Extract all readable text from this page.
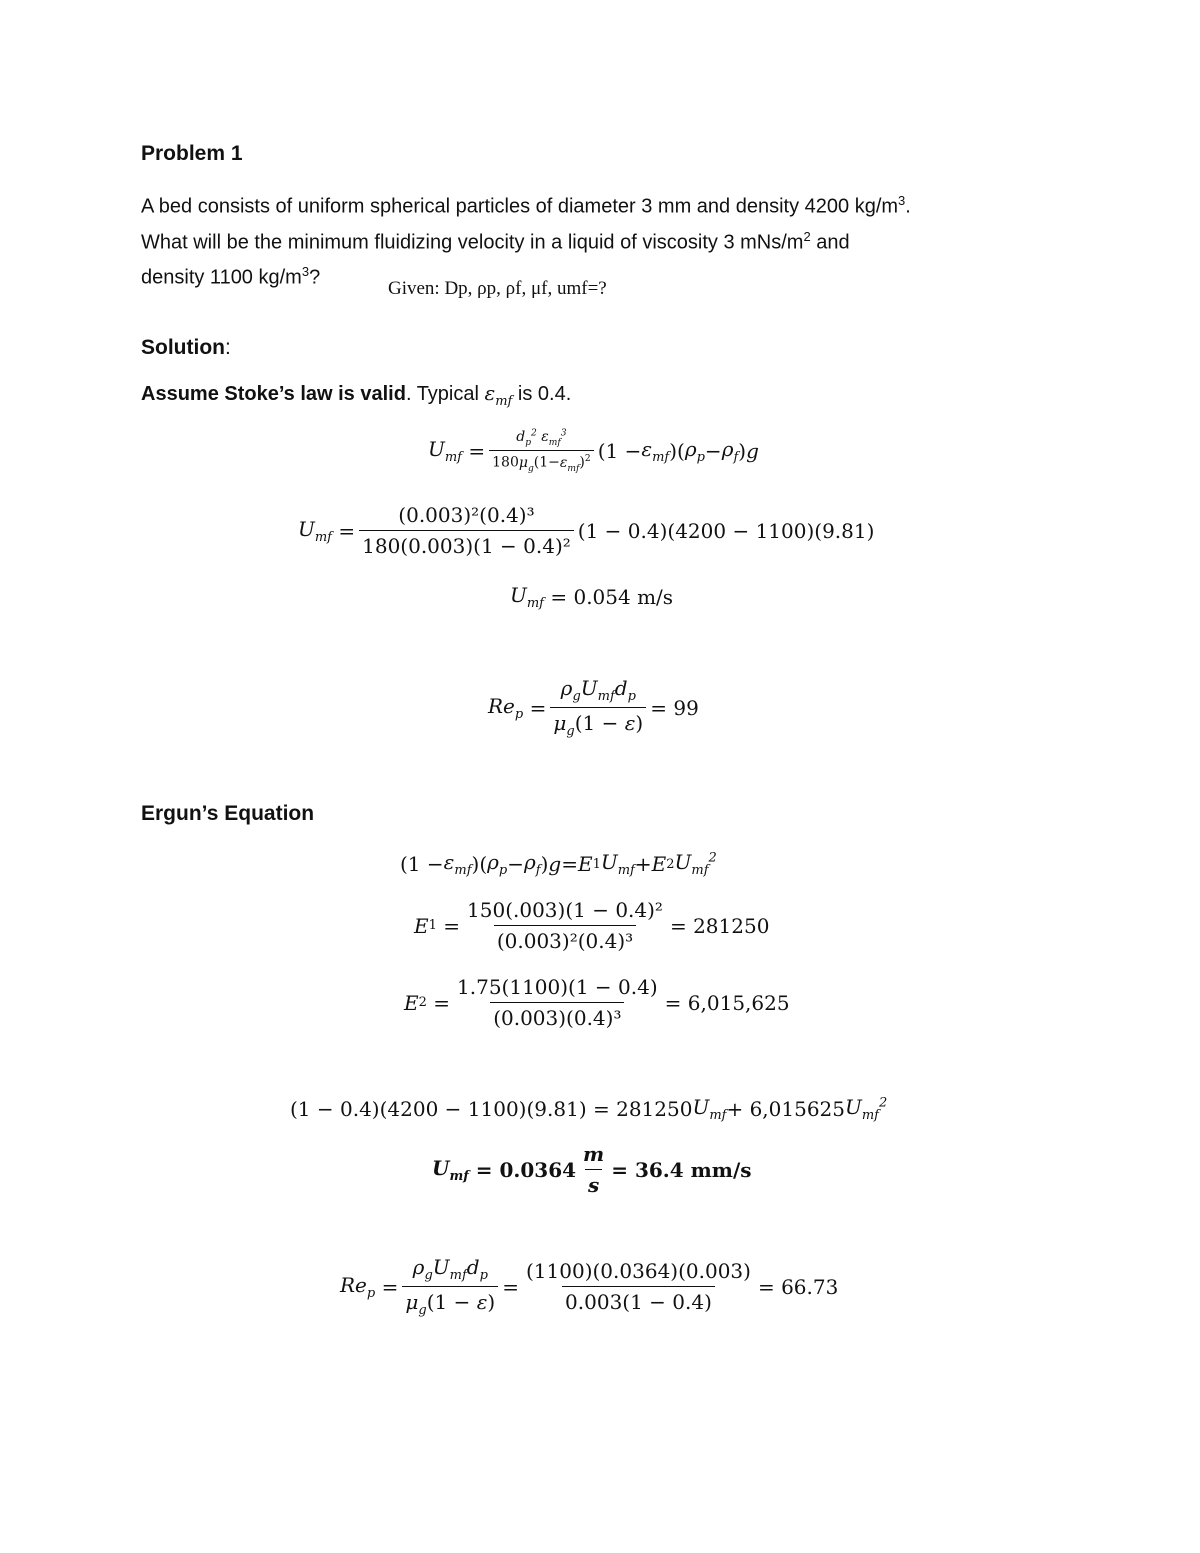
Problem 1
A bed consists of uniform spherical particles of diameter 3 mm and density 4200 $kg/m^3$.
What will be the minimum fluidizing velocity in a liquid of viscosity 3 mNs/$m^2$ and
density 1100 $kg/m^3$?	Given: Dp, ρp, ρf, μf, umf=?
Solution:
Assume Stoke’s law is valid. Typical $\varepsilon_{mf}$ is 0.4.
$U_{mf} = \frac{d_p^2 \varepsilon_{mf}^3}{180\mu_g(1-\varepsilon_{mf})^2} (1 - \varepsilon_{mf}$ )( $\rho_p - \rho_f$ ) g
$U_{mf} = \frac{\text{(0.003)²(0.4)³}}{\text{180(0.003)(1 − 0.4)²}} (1 - 0.4)(4200 - 1100)(9.81)$
$U_{mf}$
= 0.054 m/s
$Re_p = \frac{\rho_gU_{mf}d_p}{\mu_g(1 - \varepsilon)} = 99$
Ergun’s Equation
($1 - \varepsilon_{mf}$ )( $\rho_p - \rho_f$ ) g = E 1 $U_{mf} + E$ 2 $U_{mf}^2$
E $1 = \frac{\text{150(.003)(1 − 0.4)²}}{\text{(0.003)²(0.4)³}} = 281250$
E $2 = \frac{1.75(1100)(1 - 0.4)}{\text{(0.003)(0.4)³}} = 6,015,625$
(1 − 0.4)(4200 − 1100)(9.81) = 281250 $U_{mf} + 6,015625$ $U_{mf}^2$
$U_{mf}$
= $0.0364 \frac{m}{s} = 36.4$ mm/s
$Re_p = \frac{\rho_gU_{mf}d_p}{\mu_g(1 - \varepsilon)} = \frac{(1100)(0.0364)(0.003)}{0.003(1 - 0.4)} = 66.73$
